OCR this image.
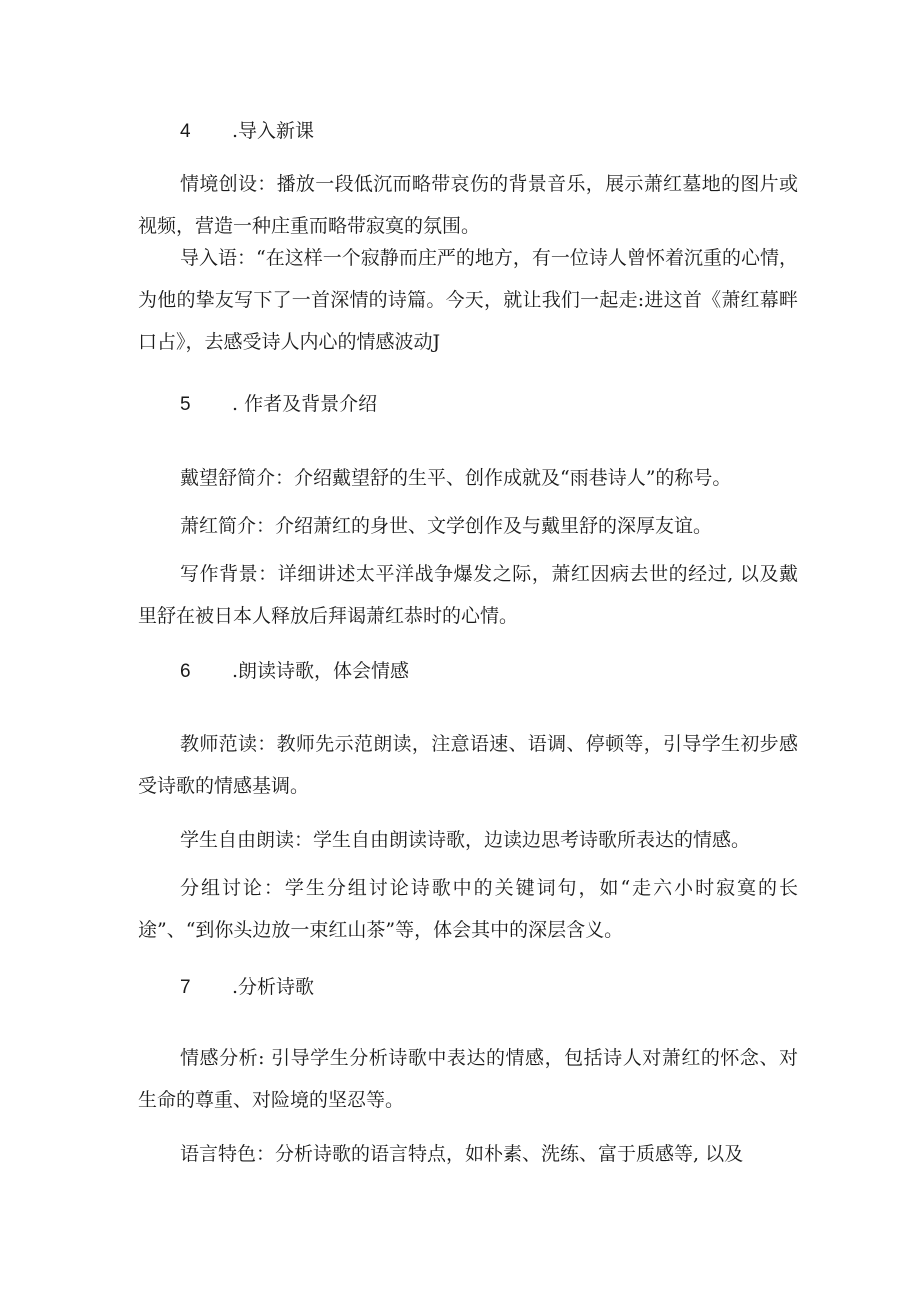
4 .导入新课

情境创设：播放一段低沉而略带哀伤的背景音乐，展示萧红墓地的图片或视频，营造一种庄重而略带寂寞的氛围。

导入语：“在这样一个寂静而庄严的地方，有一位诗人曾怀着沉重的心情，为他的挚友写下了一首深情的诗篇。今天，就让我们一起走:进这首《萧红幕畔口占》，去感受诗人内心的情感波动J

5 . 作者及背景介绍

戴望舒简介：介绍戴望舒的生平、创作成就及“雨巷诗人”的称号。

萧红简介：介绍萧红的身世、文学创作及与戴里舒的深厚友谊。

写作背景：详细讲述太平洋战争爆发之际，萧红因病去世的经过, 以及戴里舒在被日本人释放后拜谒萧红恭时的心情。

6 .朗读诗歌，体会情感

教师范读：教师先示范朗读，注意语速、语调、停顿等，引导学生初步感受诗歌的情感基调。

学生自由朗读：学生自由朗读诗歌，边读边思考诗歌所表达的情感。

分组讨论：学生分组讨论诗歌中的关键词句，如“走六小时寂寞的长途”、“到你头边放一束红山茶”等，体会其中的深层含义。

7 .分析诗歌

情感分析: 引导学生分析诗歌中表达的情感，包括诗人对萧红的怀念、对生命的尊重、对险境的坚忍等。

语言特色：分析诗歌的语言特点，如朴素、洗练、富于质感等, 以及
